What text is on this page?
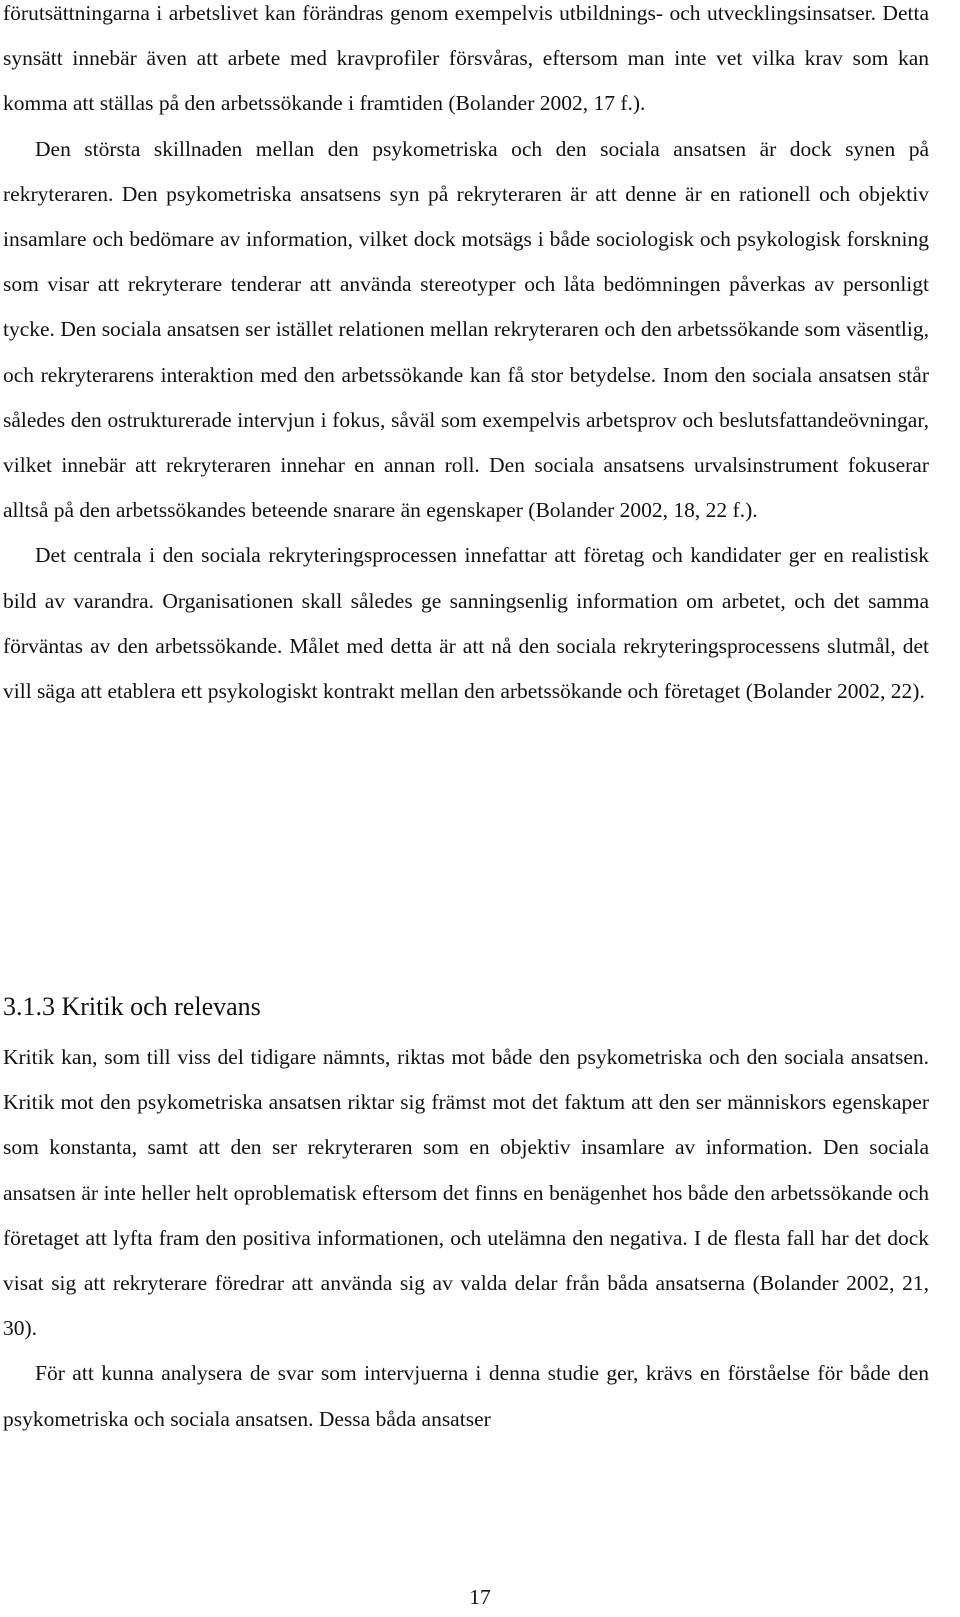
förutsättningarna i arbetslivet kan förändras genom exempelvis utbildnings- och utvecklingsinsatser. Detta synsätt innebär även att arbete med kravprofiler försvåras, eftersom man inte vet vilka krav som kan komma att ställas på den arbetssökande i framtiden (Bolander 2002, 17 f.).

Den största skillnaden mellan den psykometriska och den sociala ansatsen är dock synen på rekryteraren. Den psykometriska ansatsens syn på rekryteraren är att denne är en rationell och objektiv insamlare och bedömare av information, vilket dock motsägs i både sociologisk och psykologisk forskning som visar att rekryterare tenderar att använda stereotyper och låta bedömningen påverkas av personligt tycke. Den sociala ansatsen ser istället relationen mellan rekryteraren och den arbetssökande som väsentlig, och rekryterarens interaktion med den arbetssökande kan få stor betydelse. Inom den sociala ansatsen står således den ostrukturerade intervjun i fokus, såväl som exempelvis arbetsprov och beslutsfattandeövningar, vilket innebär att rekryteraren innehar en annan roll. Den sociala ansatsens urvalsinstrument fokuserar alltså på den arbetssökandes beteende snarare än egenskaper (Bolander 2002, 18, 22 f.).

Det centrala i den sociala rekryteringsprocessen innefattar att företag och kandidater ger en realistisk bild av varandra. Organisationen skall således ge sanningsenlig information om arbetet, och det samma förväntas av den arbetssökande. Målet med detta är att nå den sociala rekryteringsprocessens slutmål, det vill säga att etablera ett psykologiskt kontrakt mellan den arbetssökande och företaget (Bolander 2002, 22).

3.1.3 Kritik och relevans

Kritik kan, som till viss del tidigare nämnts, riktas mot både den psykometriska och den sociala ansatsen. Kritik mot den psykometriska ansatsen riktar sig främst mot det faktum att den ser människors egenskaper som konstanta, samt att den ser rekryteraren som en objektiv insamlare av information. Den sociala ansatsen är inte heller helt oproblematisk eftersom det finns en benägenhet hos både den arbetssökande och företaget att lyfta fram den positiva informationen, och utelämna den negativa. I de flesta fall har det dock visat sig att rekryterare föredrar att använda sig av valda delar från båda ansatserna (Bolander 2002, 21, 30).

För att kunna analysera de svar som intervjuerna i denna studie ger, krävs en förståelse för både den psykometriska och sociala ansatsen. Dessa båda ansatser

17
